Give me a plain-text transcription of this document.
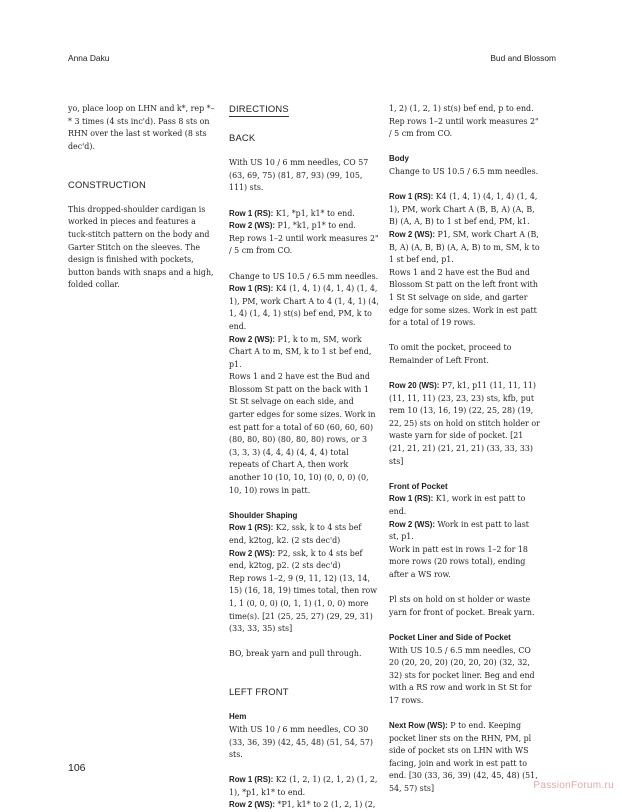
Anna Daku	Bud and Blossom

yo, place loop on LHN and k*, rep *–* 3 times (4 sts inc'd). Pass 8 sts on RHN over the last st worked (8 sts dec'd).

CONSTRUCTION

This dropped-shoulder cardigan is worked in pieces and features a tuck-stitch pattern on the body and Garter Stitch on the sleeves. The design is finished with pockets, button bands with snaps and a high, folded collar.

DIRECTIONS
BACK

With US 10 / 6 mm needles, CO 57 (63, 69, 75) (81, 87, 93) (99, 105, 111) sts.

Row 1 (RS): K1, *p1, k1* to end.

Row 2 (WS): P1, *k1, p1* to end.

Rep rows 1–2 until work measures 2" / 5 cm from CO.

Change to US 10.5 / 6.5 mm needles.

Row 1 (RS): K4 (1, 4, 1) (4, 1, 4) (1, 4, 1), PM, work Chart A to 4 (1, 4, 1) (4, 1, 4) (1, 4, 1) st(s) bef end, PM, k to end.

Row 2 (WS): P1, k to m, SM, work Chart A to m, SM, k to 1 st bef end, p1.

Rows 1 and 2 have est the Bud and Blossom St patt on the back with 1 St St selvage on each side, and garter edges for some sizes. Work in est patt for a total of 60 (60, 60, 60) (80, 80, 80) (80, 80, 80) rows, or 3 (3, 3, 3) (4, 4, 4) (4, 4, 4) total repeats of Chart A, then work another 10 (10, 10, 10) (0, 0, 0) (0, 10, 10) rows in patt.

Shoulder Shaping

Row 1 (RS): K2, ssk, k to 4 sts bef end, k2tog, k2. (2 sts dec'd)

Row 2 (WS): P2, ssk, k to 4 sts bef end, k2tog, p2. (2 sts dec'd)

Rep rows 1–2, 9 (9, 11, 12) (13, 14, 15) (16, 18, 19) times total, then row 1, 1 (0, 0, 0) (0, 1, 1) (1, 0, 0) more time(s). [21 (25, 25, 27) (29, 29, 31) (33, 33, 35) sts]

BO, break yarn and pull through.

LEFT FRONT

Hem

With US 10 / 6 mm needles, CO 30 (33, 36, 39) (42, 45, 48) (51, 54, 57) sts.

Row 1 (RS): K2 (1, 2, 1) (2, 1, 2) (1, 2, 1), *p1, k1* to end.

Row 2 (WS): *P1, k1* to 2 (1, 2, 1) (2,

1, 2) (1, 2, 1) st(s) bef end, p to end.

Rep rows 1–2 until work measures 2" / 5 cm from CO.

Body

Change to US 10.5 / 6.5 mm needles.

Row 1 (RS): K4 (1, 4, 1) (4, 1, 4) (1, 4, 1), PM, work Chart A (B, B, A) (A, B, B) (A, A, B) to 1 st bef end, PM, k1.

Row 2 (WS): P1, SM, work Chart A (B, B, A) (A, B, B) (A, A, B) to m, SM, k to 1 st bef end, p1.

Rows 1 and 2 have est the Bud and Blossom St patt on the left front with 1 St St selvage on side, and garter edge for some sizes. Work in est patt for a total of 19 rows.

To omit the pocket, proceed to Remainder of Left Front.

Row 20 (WS): P7, k1, p11 (11, 11, 11) (11, 11, 11) (23, 23, 23) sts, kfb, put rem 10 (13, 16, 19) (22, 25, 28) (19, 22, 25) sts on hold on stitch holder or waste yarn for side of pocket. [21 (21, 21, 21) (21, 21, 21) (33, 33, 33) sts]

Front of Pocket

Row 1 (RS): K1, work in est patt to end.

Row 2 (WS): Work in est patt to last st, p1.

Work in patt est in rows 1–2 for 18 more rows (20 rows total), ending after a WS row.

Pl sts on hold on st holder or waste yarn for front of pocket. Break yarn.

Pocket Liner and Side of Pocket

With US 10.5 / 6.5 mm needles, CO 20 (20, 20, 20) (20, 20, 20) (32, 32, 32) sts for pocket liner. Beg and end with a RS row and work in St St for 17 rows.

Next Row (WS): P to end. Keeping pocket liner sts on the RHN, PM, pl side of pocket sts on LHN with WS facing, join and work in est patt to end. [30 (33, 36, 39) (42, 45, 48) (51, 54, 57) sts]

106
PassionForum.ru
